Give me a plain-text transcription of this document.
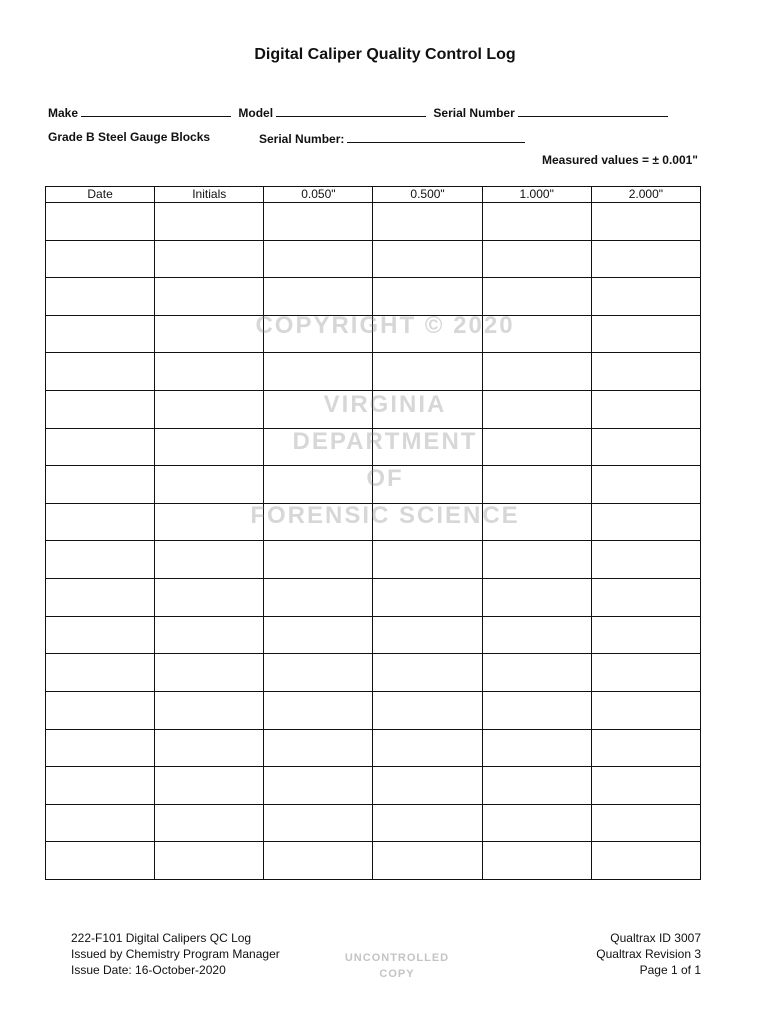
Digital Caliper Quality Control Log
Make	Model	Serial Number
Grade B Steel Gauge Blocks	Serial Number:
Measured values = ± 0.001"
Date	Initials	0.050"	0.500"	1.000"	2.000"

COPYRIGHT © 2020
VIRGINIA
DEPARTMENT
OF
FORENSIC SCIENCE
222-F101 Digital Calipers QC Log
Issued by Chemistry Program Manager
Issue Date: 16-October-2020
UNCONTROLLED
COPY
Qualtrax ID 3007
Qualtrax Revision 3
Page 1 of 1
